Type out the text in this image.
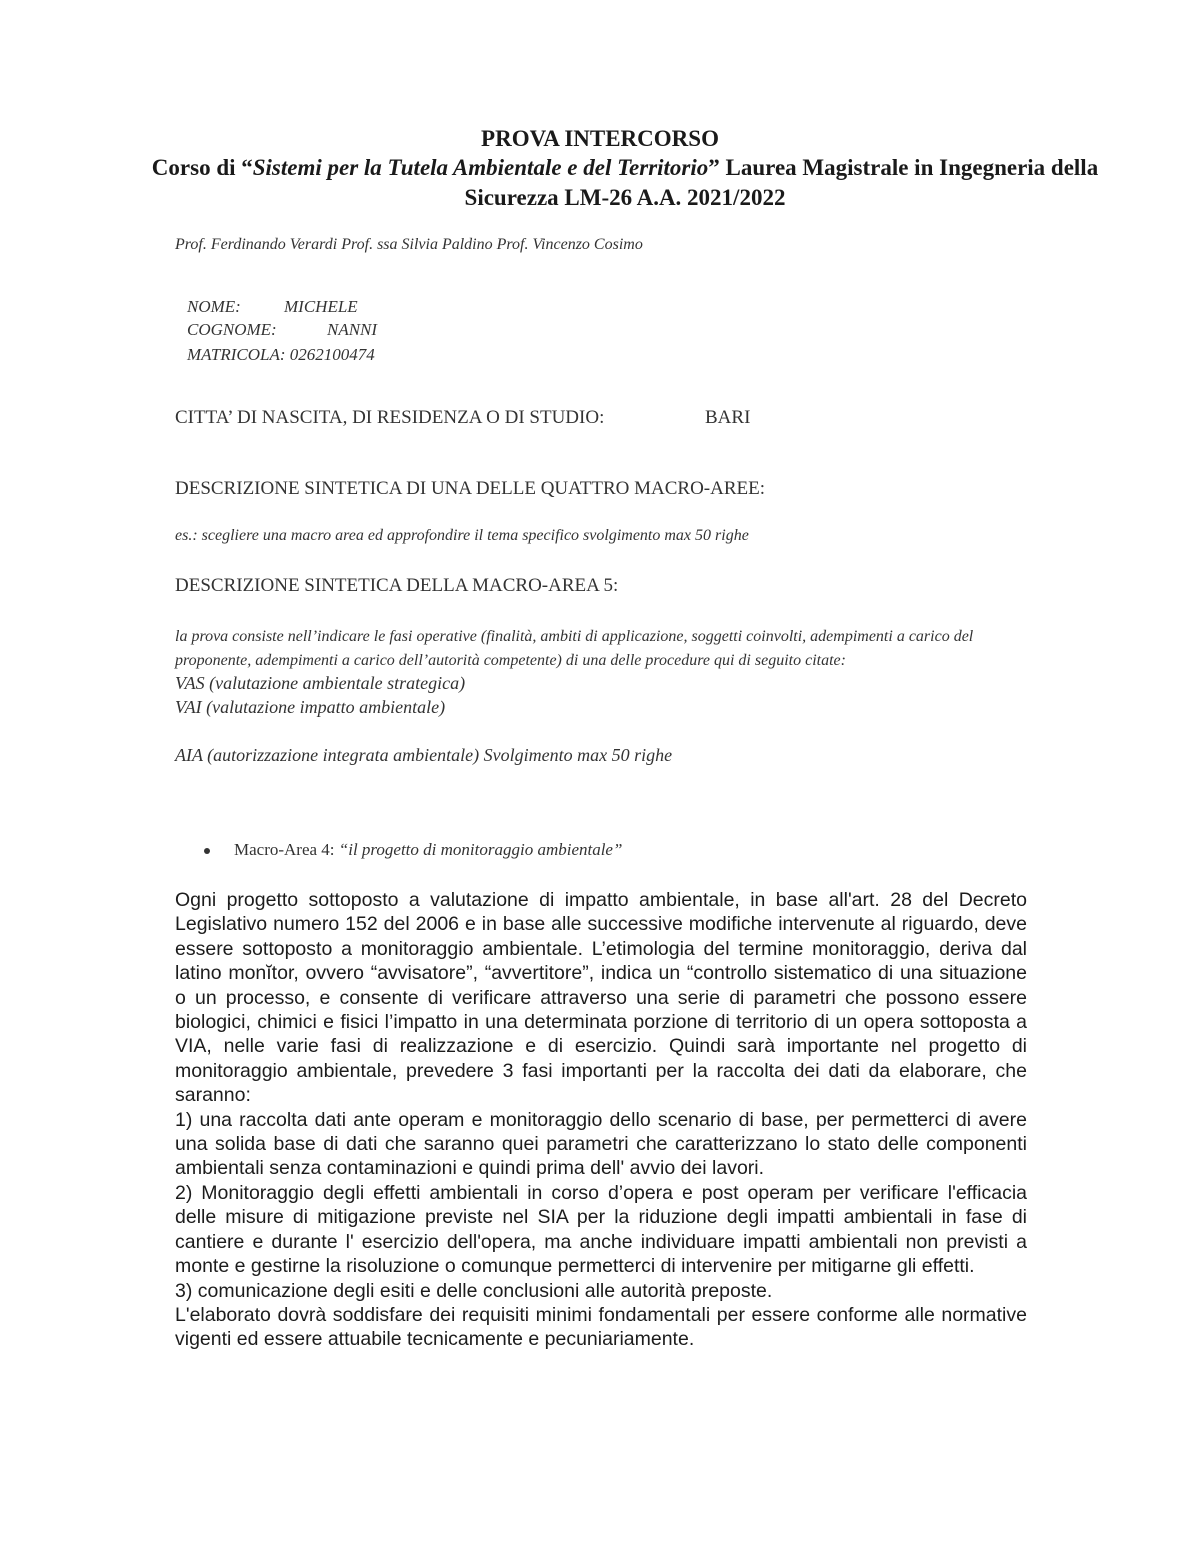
PROVA INTERCORSO
Corso di “Sistemi per la Tutela Ambientale e del Territorio” Laurea Magistrale in Ingegneria della Sicurezza LM-26 A.A. 2021/2022
Prof. Ferdinando Verardi Prof. ssa Silvia Paldino Prof. Vincenzo Cosimo
NOME:	MICHELE
COGNOME:	NANNI
MATRICOLA: 0262100474
CITTA’ DI NASCITA, DI RESIDENZA O DI STUDIO:	BARI
DESCRIZIONE SINTETICA DI UNA DELLE QUATTRO MACRO-AREE:
es.: scegliere una macro area ed approfondire il tema specifico svolgimento max 50 righe
DESCRIZIONE SINTETICA DELLA MACRO-AREA 5:
la prova consiste nell’indicare le fasi operative (finalità, ambiti di applicazione, soggetti coinvolti, adempimenti a carico del
proponente, adempimenti a carico dell’autorità competente) di una delle procedure qui di seguito citate:
VAS (valutazione ambientale strategica)
VAI (valutazione impatto ambientale)
AIA (autorizzazione integrata ambientale) Svolgimento max 50 righe
Macro-Area 4: “il progetto di monitoraggio ambientale”

Ogni progetto sottoposto a valutazione di impatto ambientale, in base all'art. 28 del Decreto Legislativo numero 152 del 2006 e in base alle successive modifiche intervenute al riguardo, deve essere sottoposto a monitoraggio ambientale. L’etimologia del termine monitoraggio, deriva dal latino monĭtor, ovvero “avvisatore”, “avvertitore”, indica un “controllo sistematico di una situazione o un processo, e consente di verificare attraverso una serie di parametri che possono essere biologici, chimici e fisici l’impatto in una determinata porzione di territorio di un opera sottoposta a VIA, nelle varie fasi di realizzazione e di esercizio. Quindi sarà importante nel progetto di monitoraggio ambientale, prevedere 3 fasi importanti per la raccolta dei dati da elaborare, che saranno:

1) una raccolta dati ante operam e monitoraggio dello scenario di base, per permetterci di avere una solida base di dati che saranno quei parametri che caratterizzano lo stato delle componenti ambientali senza contaminazioni e quindi prima dell' avvio dei lavori.

2) Monitoraggio degli effetti ambientali in corso d’opera e post operam per verificare l'efficacia delle misure di mitigazione previste nel SIA per la riduzione degli impatti ambientali in fase di cantiere e durante l' esercizio dell'opera, ma anche individuare impatti ambientali non previsti a monte e gestirne la risoluzione o comunque permetterci di intervenire per mitigarne gli effetti.

3) comunicazione degli esiti e delle conclusioni alle autorità preposte.

L'elaborato dovrà soddisfare dei requisiti minimi fondamentali per essere conforme alle normative vigenti ed essere attuabile tecnicamente e pecuniariamente.
